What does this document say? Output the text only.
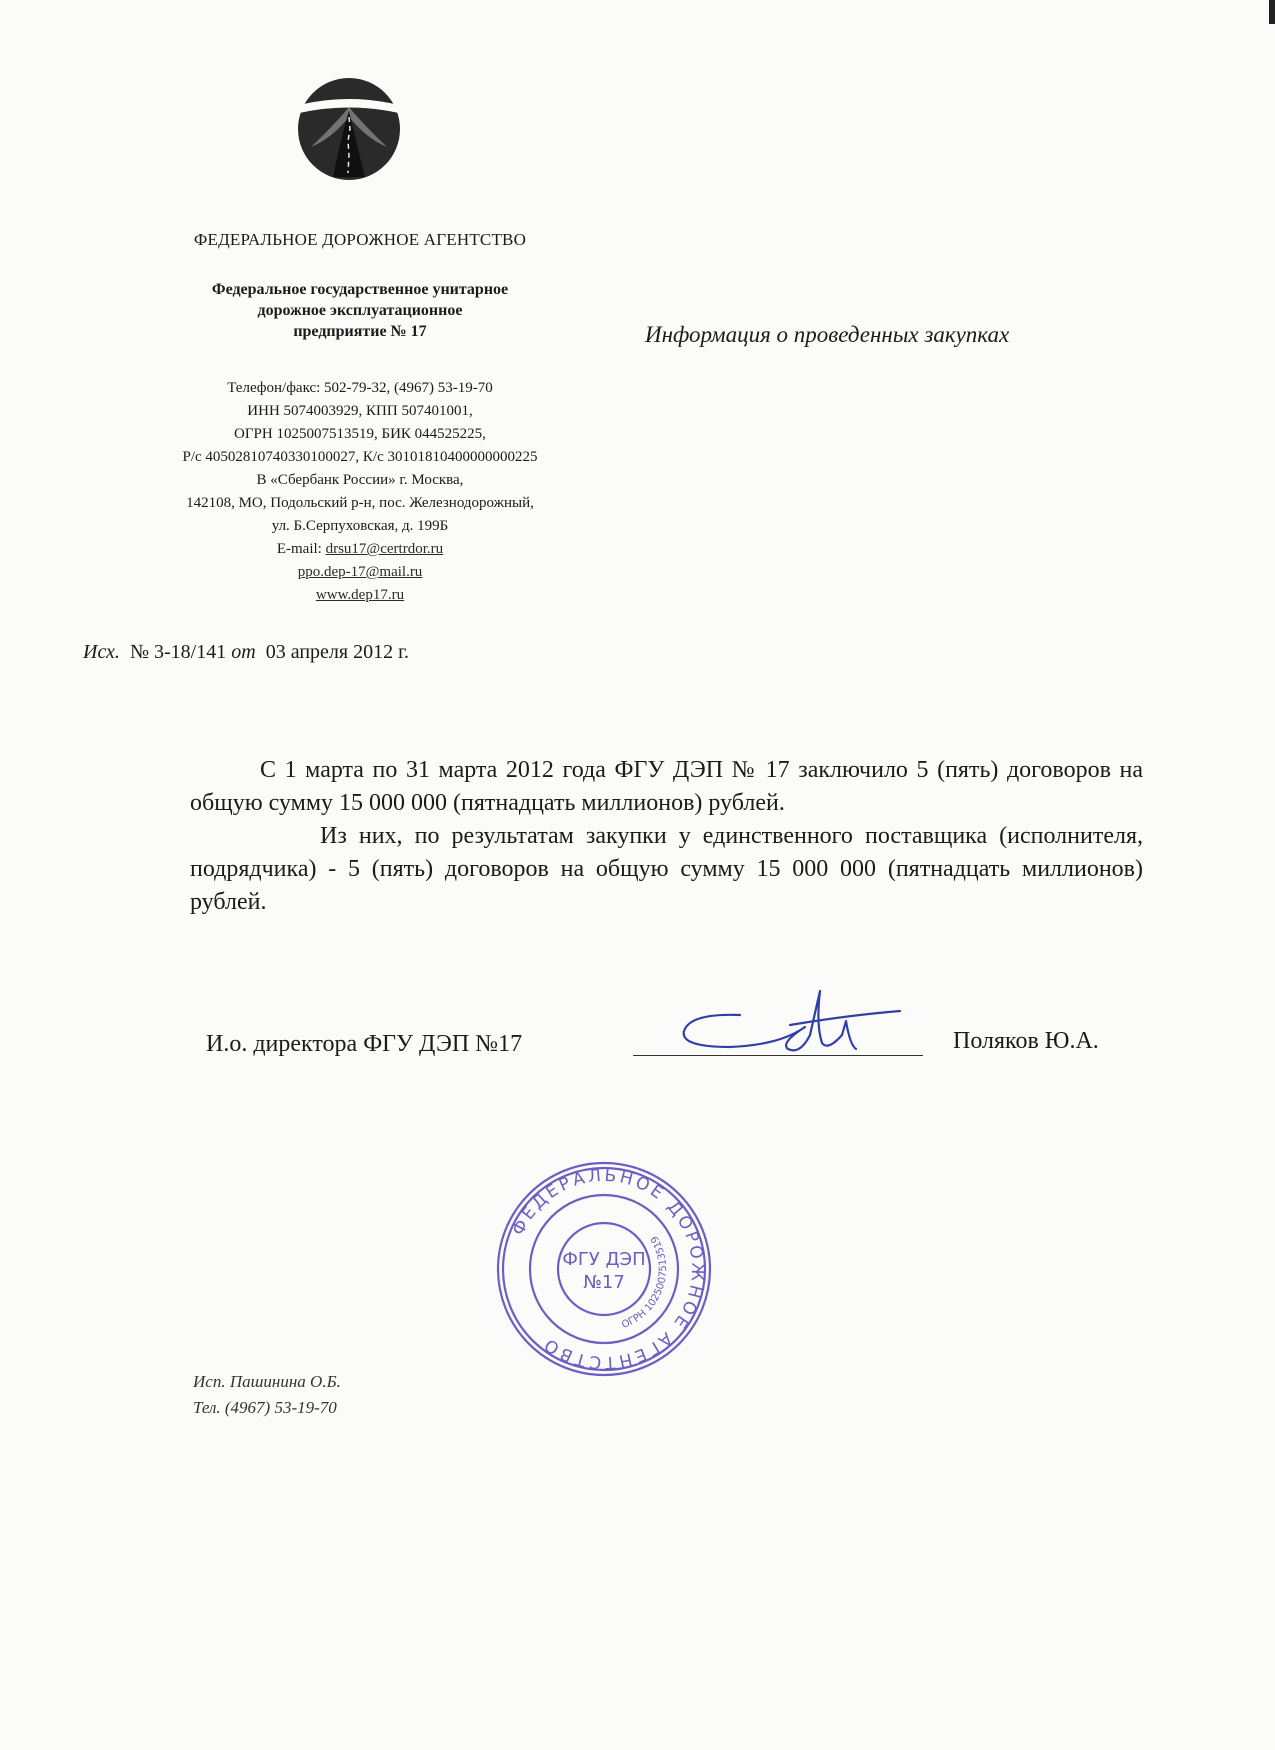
ФЕДЕРАЛЬНОЕ ДОРОЖНОЕ АГЕНТСТВО
Федеральное государственное унитарное
дорожное эксплуатационное
предприятие № 17
Телефон/факс: 502-79-32, (4967) 53-19-70
ИНН 5074003929, КПП 507401001,
ОГРН 1025007513519, БИК 044525225,
Р/с 40502810740330100027, К/с 30101810400000000225
В «Сбербанк России» г. Москва,
142108, МО, Подольский р-н, пос. Железнодорожный,
ул. Б.Серпуховская, д. 199Б
E-mail: drsu17@certrdor.ru
ppo.dep-17@mail.ru
www.dep17.ru
Информация о проведенных закупках
Исх. № 3-18/141 от 03 апреля 2012 г.

С 1 марта по 31 марта 2012 года ФГУ ДЭП № 17 заключило 5 (пять) договоров на общую сумму 15 000 000 (пятнадцать миллионов) рублей.

Из них, по результатам закупки у единственного поставщика (исполнителя, подрядчика) - 5 (пять) договоров на общую сумму 15 000 000 (пятнадцать миллионов) рублей.

И.о. директора ФГУ ДЭП №17	Поляков Ю.А.
ФЕДЕРАЛЬНОЕ ДОРОЖНОЕ АГЕНТСТВО
ОГРН 1025007513519
ФГУ ДЭП
№17
Исп. Пашинина О.Б.
Тел. (4967) 53-19-70
